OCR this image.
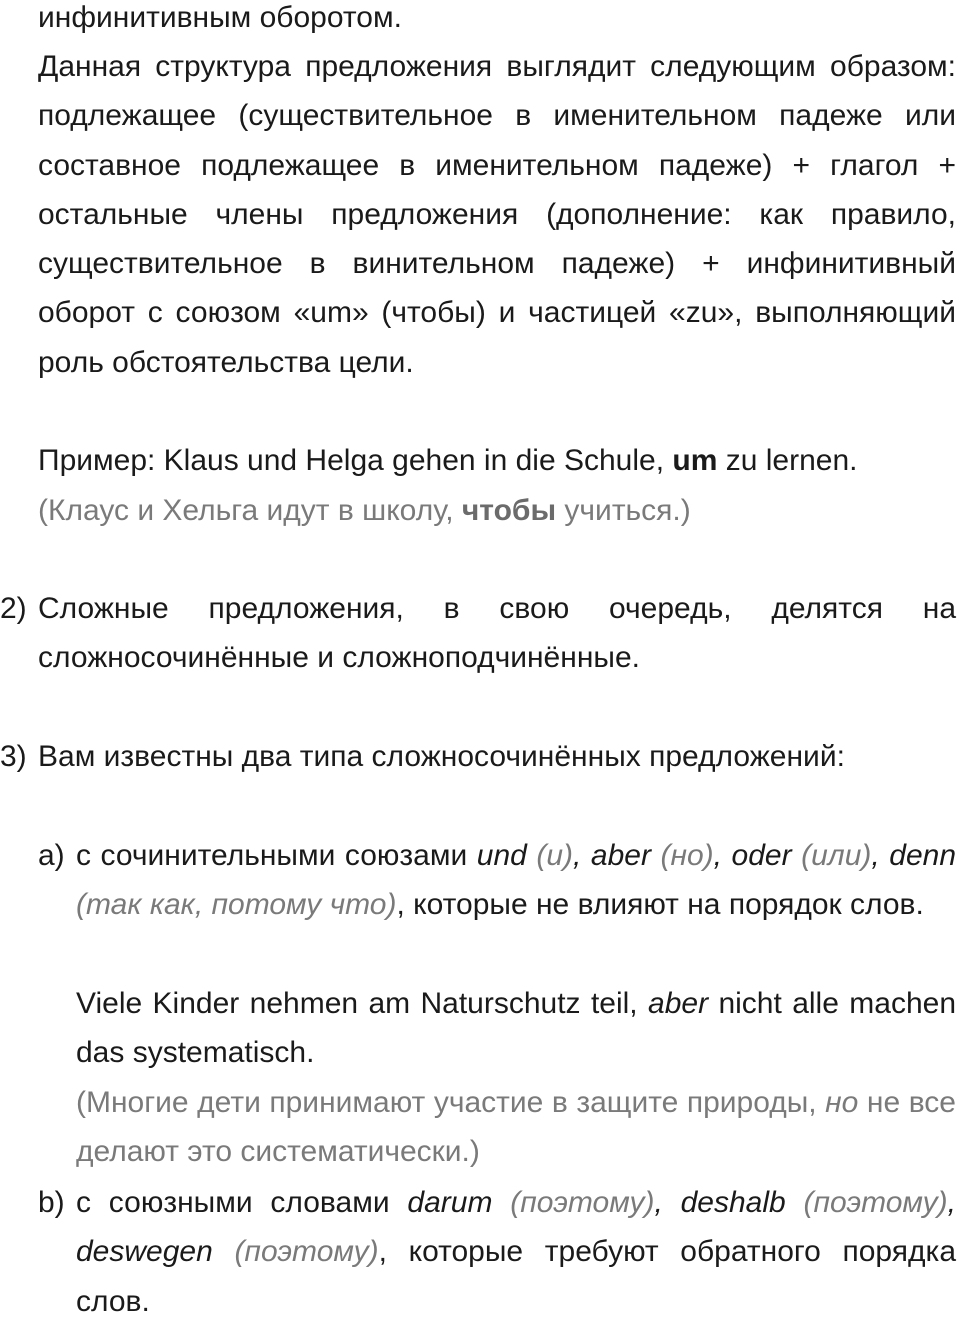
инфинитивным оборотом.
Данная структура предложения выглядит следующим образом: подлежащее (существительное в именительном падеже или составное подлежащее в именительном падеже) + глагол + остальные члены предложения (дополнение: как правило, существительное в винительном падеже) + инфинитивный оборот с союзом «um» (чтобы) и частицей «zu», выполняющий роль обстоятельства цели.
Пример: Klaus und Helga gehen in die Schule, um zu lernen.
(Клаус и Хельга идут в школу, чтобы учиться.)
2) Сложные предложения, в свою очередь, делятся на сложносочинённые и сложноподчинённые.
3) Вам известны два типа сложносочинённых предложений:
a) с сочинительными союзами und (и), aber (но), oder (или), denn (так как, потому что), которые не влияют на порядок слов.
Viele Kinder nehmen am Naturschutz teil, aber nicht alle machen das systematisch.
(Многие дети принимают участие в защите природы, но не все делают это систематически.)
b) с союзными словами darum (поэтому), deshalb (поэтому), deswegen (поэтому), которые требуют обратного порядка слов.
